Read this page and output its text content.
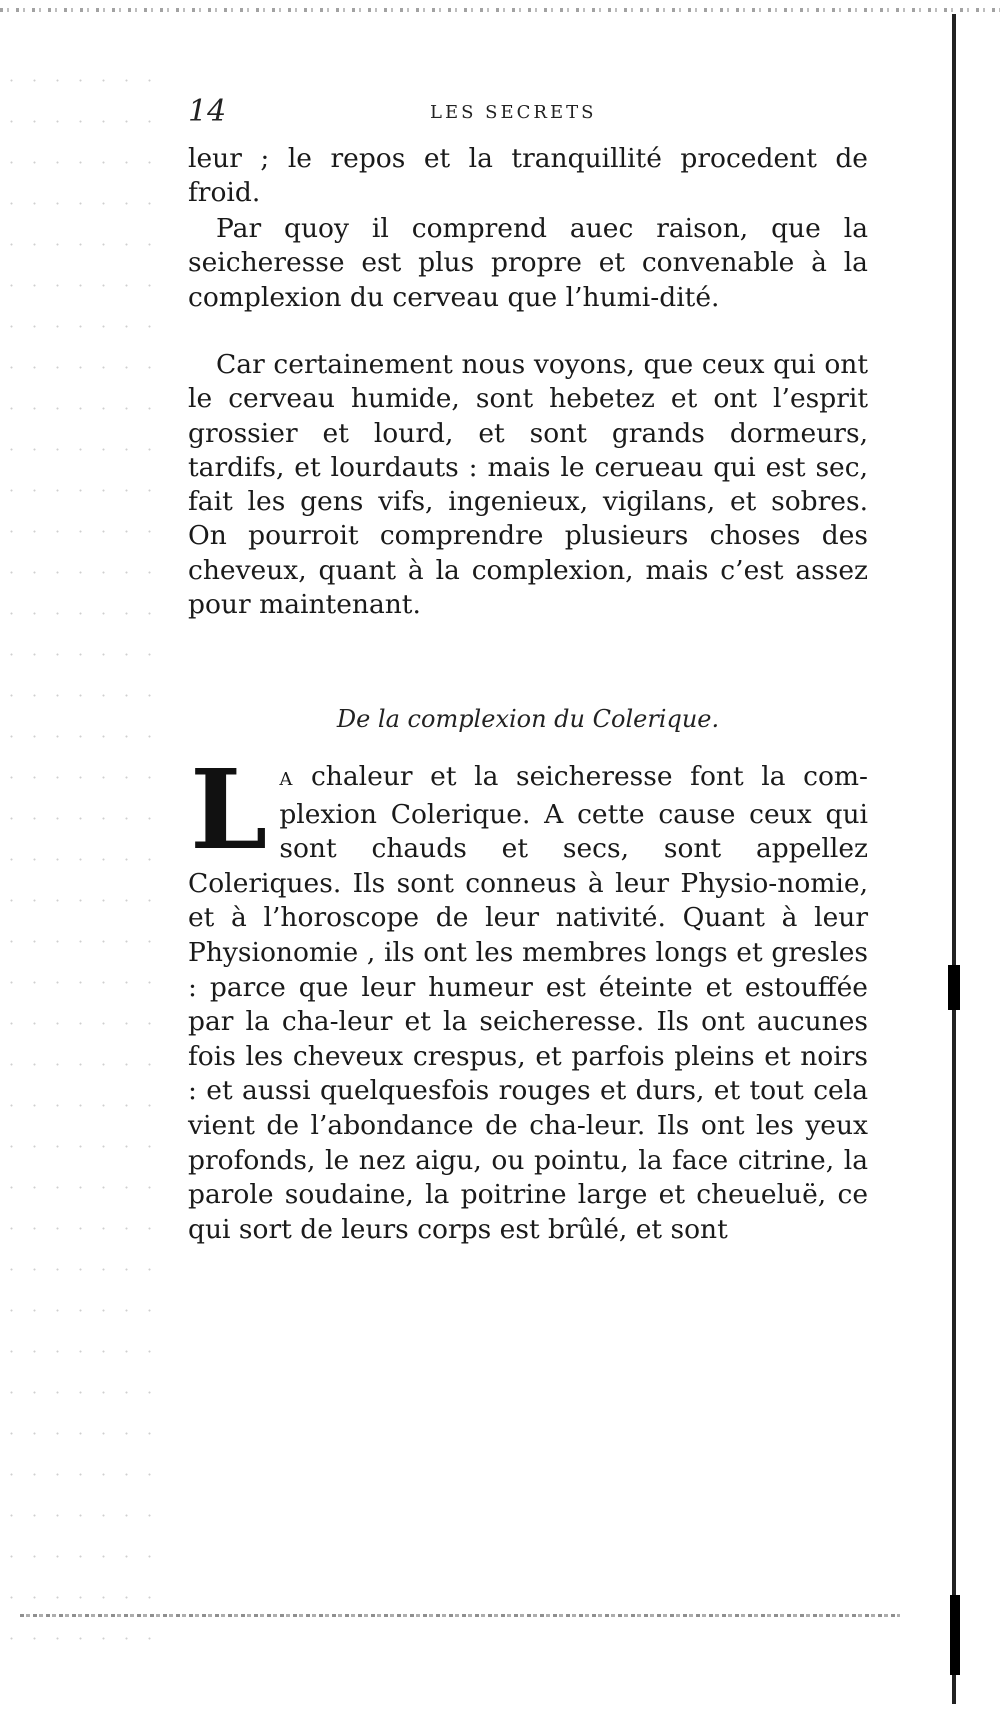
14	LES SECRETS
leur ; le repos et la tranquillité procedent de froid.
Par quoy il comprend auec raison, que la seicheresse est plus propre et convenable à la complexion du cerveau que l’humi-dité.
Car certainement nous voyons, que ceux qui ont le cerveau humide, sont hebetez et ont l’esprit grossier et lourd, et sont grands dormeurs, tardifs, et lourdauts : mais le cerueau qui est sec, fait les gens vifs, ingenieux, vigilans, et sobres. On pourroit comprendre plusieurs choses des cheveux, quant à la complexion, mais c’est assez pour maintenant.
De la complexion du Colerique.
L A chaleur et la seicheresse font la com-plexion Colerique. A cette cause ceux qui sont chauds et secs, sont appellez Coleriques. Ils sont conneus à leur Physio-nomie, et à l’horoscope de leur nativité. Quant à leur Physionomie , ils ont les membres longs et gresles : parce que leur humeur est éteinte et estouffée par la cha-leur et la seicheresse. Ils ont aucunes fois les cheveux crespus, et parfois pleins et noirs : et aussi quelquesfois rouges et durs, et tout cela vient de l’abondance de cha-leur. Ils ont les yeux profonds, le nez aigu, ou pointu, la face citrine, la parole soudaine, la poitrine large et cheueluë, ce qui sort de leurs corps est brûlé, et sont
